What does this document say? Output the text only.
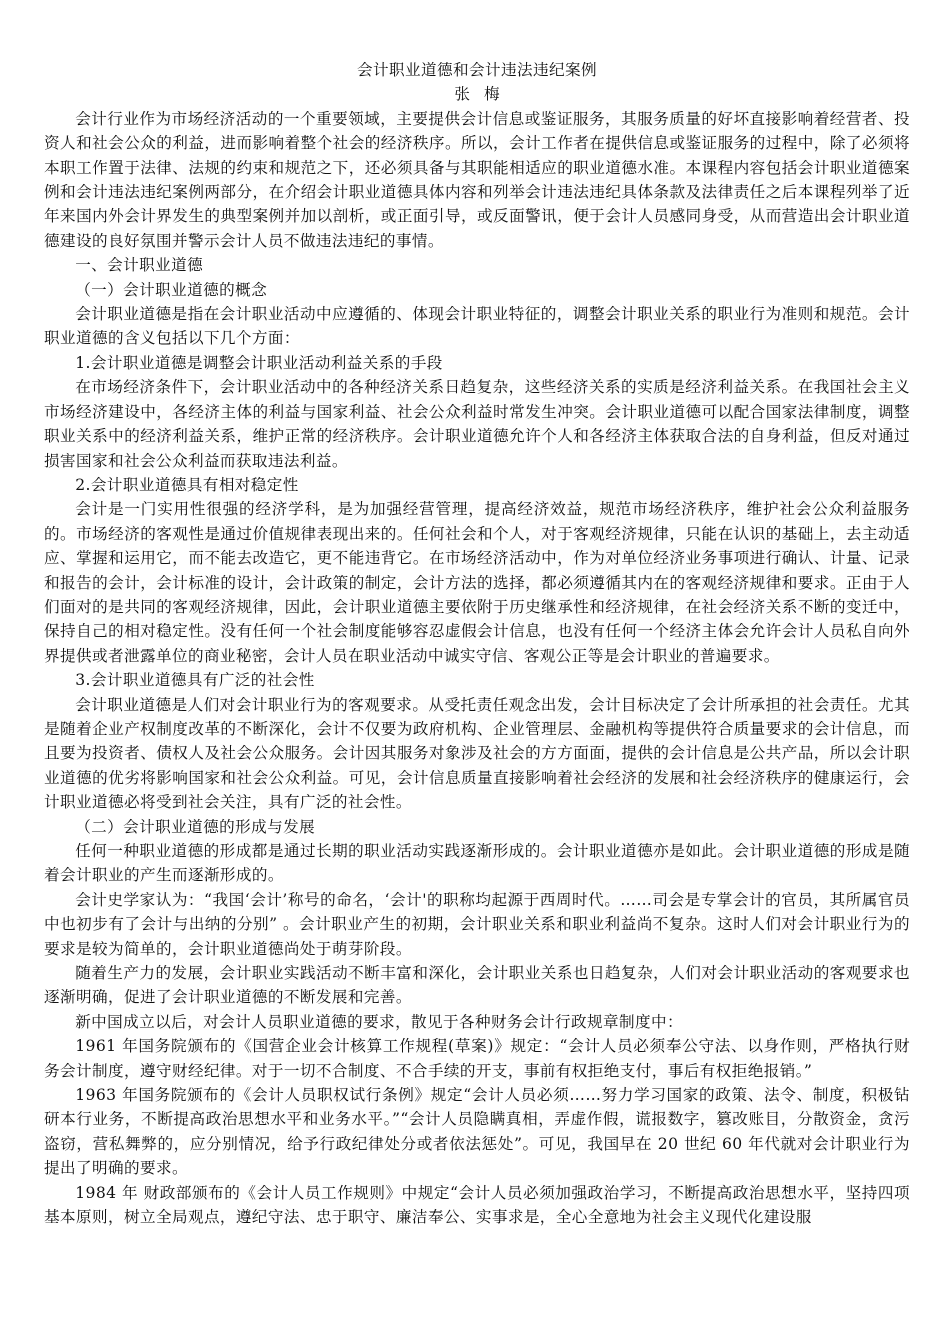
会计职业道德和会计违法违纪案例
张梅

会计行业作为市场经济活动的一个重要领域，主要提供会计信息或鉴证服务，其服务质量的好坏直接影响着经营者、投资人和社会公众的利益，进而影响着整个社会的经济秩序。所以，会计工作者在提供信息或鉴证服务的过程中，除了必须将本职工作置于法律、法规的约束和规范之下，还必须具备与其职能相适应的职业道德水准。本课程内容包括会计职业道德案例和会计违法违纪案例两部分，在介绍会计职业道德具体内容和列举会计违法违纪具体条款及法律责任之后本课程列举了近年来国内外会计界发生的典型案例并加以剖析，或正面引导，或反面警讯，便于会计人员感同身受，从而营造出会计职业道德建设的良好氛围并警示会计人员不做违法违纪的事情。

一、会计职业道德

（一）会计职业道德的概念

会计职业道德是指在会计职业活动中应遵循的、体现会计职业特征的，调整会计职业关系的职业行为准则和规范。会计职业道德的含义包括以下几个方面：

1.会计职业道德是调整会计职业活动利益关系的手段

在市场经济条件下，会计职业活动中的各种经济关系日趋复杂，这些经济关系的实质是经济利益关系。在我国社会主义市场经济建设中，各经济主体的利益与国家利益、社会公众利益时常发生冲突。会计职业道德可以配合国家法律制度，调整职业关系中的经济利益关系，维护正常的经济秩序。会计职业道德允许个人和各经济主体获取合法的自身利益，但反对通过损害国家和社会公众利益而获取违法利益。

2.会计职业道德具有相对稳定性

会计是一门实用性很强的经济学科，是为加强经营管理，提高经济效益，规范市场经济秩序，维护社会公众利益服务的。市场经济的客观性是通过价值规律表现出来的。任何社会和个人，对于客观经济规律，只能在认识的基础上，去主动适应、掌握和运用它，而不能去改造它，更不能违背它。在市场经济活动中，作为对单位经济业务事项进行确认、计量、记录和报告的会计，会计标准的设计，会计政策的制定，会计方法的选择，都必须遵循其内在的客观经济规律和要求。正由于人们面对的是共同的客观经济规律，因此，会计职业道德主要依附于历史继承性和经济规律，在社会经济关系不断的变迁中，保持自己的相对稳定性。没有任何一个社会制度能够容忍虚假会计信息，也没有任何一个经济主体会允许会计人员私自向外界提供或者泄露单位的商业秘密，会计人员在职业活动中诚实守信、客观公正等是会计职业的普遍要求。

3.会计职业道德具有广泛的社会性

会计职业道德是人们对会计职业行为的客观要求。从受托责任观念出发，会计目标决定了会计所承担的社会责任。尤其是随着企业产权制度改革的不断深化，会计不仅要为政府机构、企业管理层、金融机构等提供符合质量要求的会计信息，而且要为投资者、债权人及社会公众服务。会计因其服务对象涉及社会的方方面面，提供的会计信息是公共产品，所以会计职业道德的优劣将影响国家和社会公众利益。可见，会计信息质量直接影响着社会经济的发展和社会经济秩序的健康运行，会计职业道德必将受到社会关注，具有广泛的社会性。

（二）会计职业道德的形成与发展

任何一种职业道德的形成都是通过长期的职业活动实践逐渐形成的。会计职业道德亦是如此。会计职业道德的形成是随着会计职业的产生而逐渐形成的。

会计史学家认为：“我国‘会计’称号的命名，‘会计'的职称均起源于西周时代。……司会是专掌会计的官员，其所属官员中也初步有了会计与出纳的分别” 。会计职业产生的初期，会计职业关系和职业利益尚不复杂。这时人们对会计职业行为的要求是较为简单的，会计职业道德尚处于萌芽阶段。

随着生产力的发展，会计职业实践活动不断丰富和深化，会计职业关系也日趋复杂，人们对会计职业活动的客观要求也逐渐明确，促进了会计职业道德的不断发展和完善。

新中国成立以后，对会计人员职业道德的要求，散见于各种财务会计行政规章制度中：

1961 年国务院颁布的《国营企业会计核算工作规程(草案)》规定：“会计人员必须奉公守法、以身作则，严格执行财务会计制度，遵守财经纪律。对于一切不合制度、不合手续的开支，事前有权拒绝支付，事后有权拒绝报销。”

1963 年国务院颁布的《会计人员职权试行条例》规定“会计人员必须……努力学习国家的政策、法令、制度，积极钻研本行业务，不断提高政治思想水平和业务水平。”“会计人员隐瞒真相，弄虚作假，谎报数字，篡改账目，分散资金，贪污盗窃，营私舞弊的，应分别情况，给予行政纪律处分或者依法惩处”。可见，我国早在 20 世纪 60 年代就对会计职业行为提出了明确的要求。

1984 年 财政部颁布的《会计人员工作规则》中规定“会计人员必须加强政治学习，不断提高政治思想水平，坚持四项基本原则，树立全局观点，遵纪守法、忠于职守、廉洁奉公、实事求是，全心全意地为社会主义现代化建设服
